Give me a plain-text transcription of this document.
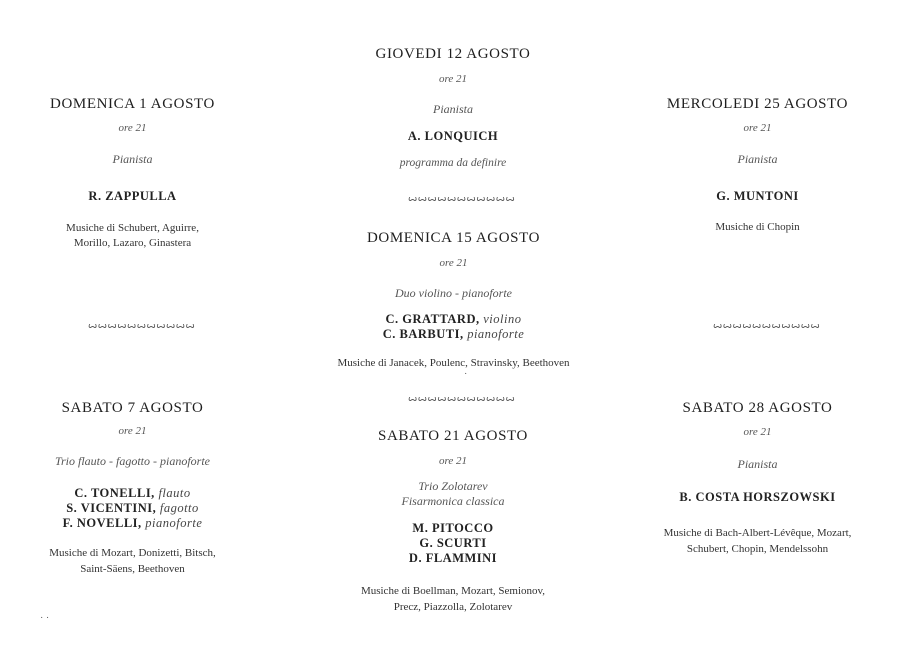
DOMENICA 1 AGOSTO
ore 21
Pianista
R. ZAPPULLA
Musiche di Schubert, Aguirre,
Morillo, Lazaro, Ginastera
ꙍꙍꙍꙍꙍꙍꙍꙍꙍꙍꙍ
SABATO 7 AGOSTO
ore 21
Trio flauto - fagotto - pianoforte
C. TONELLI, flauto
S. VICENTINI, fagotto
F. NOVELLI, pianoforte
Musiche di Mozart, Donizetti, Bitsch,
Saint-Säens, Beethoven
˙ ˙
GIOVEDI 12 AGOSTO
ore 21
Pianista
A. LONQUICH
programma da definire
ꙍꙍꙍꙍꙍꙍꙍꙍꙍꙍꙍ
DOMENICA 15 AGOSTO
ore 21
Duo violino - pianoforte
C. GRATTARD, violino
C. BARBUTI, pianoforte
Musiche di Janacek, Poulenc, Stravinsky, Beethoven
˙
ꙍꙍꙍꙍꙍꙍꙍꙍꙍꙍꙍ
SABATO 21 AGOSTO
ore 21
Trio Zolotarev
Fisarmonica classica
M. PITOCCO
G. SCURTI
D. FLAMMINI
Musiche di Boellman, Mozart, Semionov,
Precz, Piazzolla, Zolotarev
MERCOLEDI 25 AGOSTO
ore 21
Pianista
G. MUNTONI
Musiche di Chopin
ꙍꙍꙍꙍꙍꙍꙍꙍꙍꙍꙍ
SABATO 28 AGOSTO
ore 21
Pianista
B. COSTA HORSZOWSKI
Musiche di Bach-Albert-Lévêque, Mozart,
Schubert, Chopin, Mendelssohn
